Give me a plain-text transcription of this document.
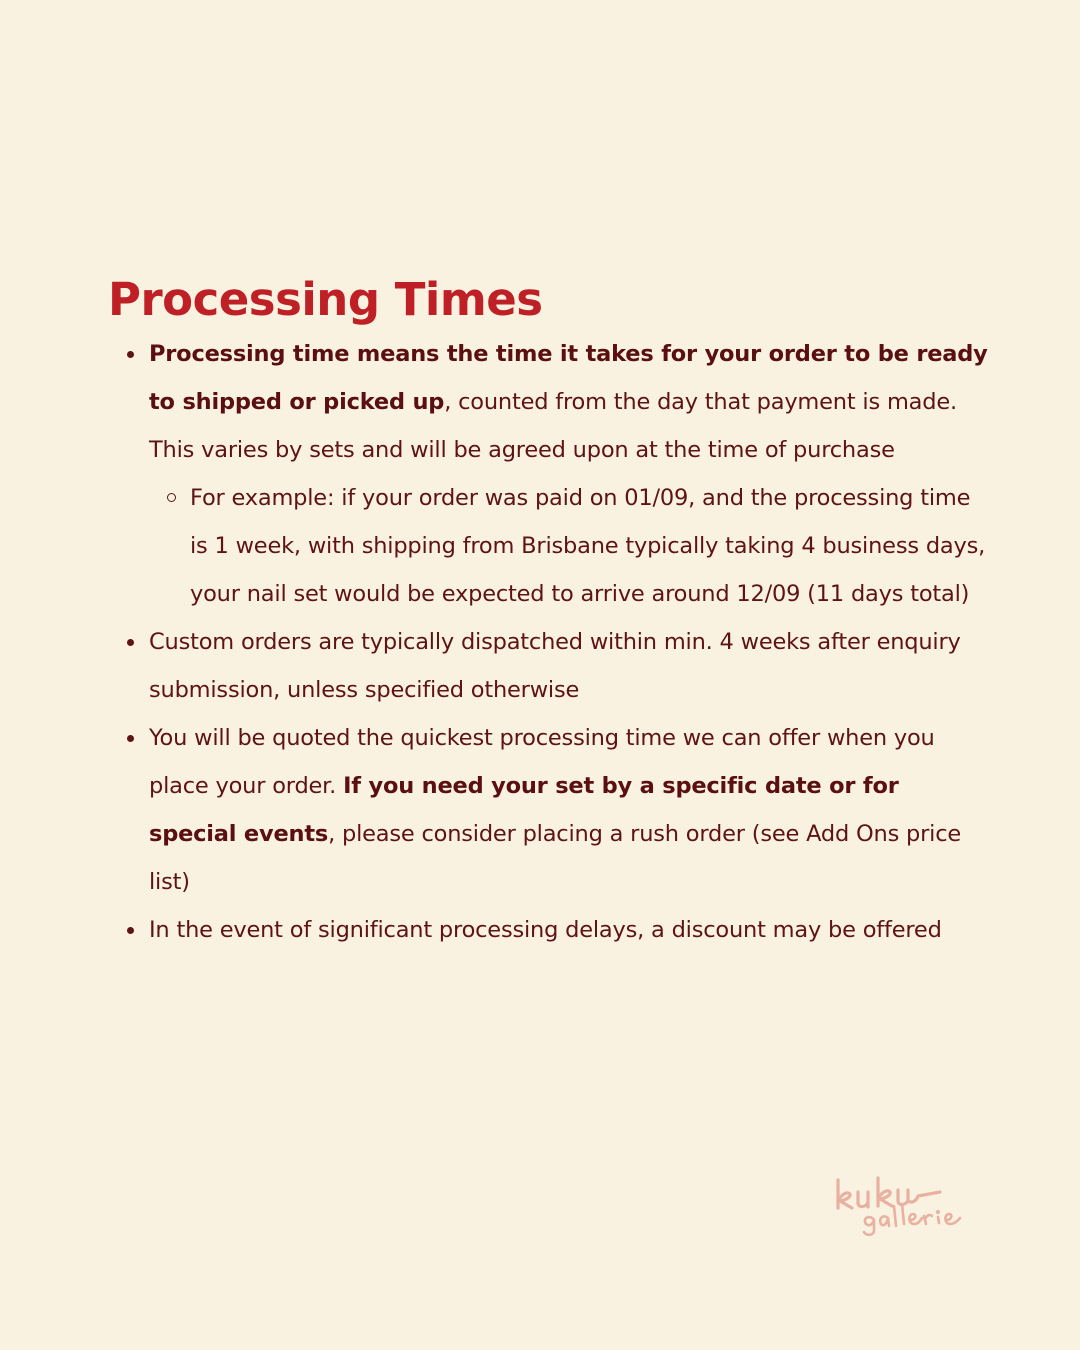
Processing Times
Processing time means the time it takes for your order to be ready to shipped or picked up, counted from the day that payment is made. This varies by sets and will be agreed upon at the time of purchase
For example: if your order was paid on 01/09, and the processing time is 1 week, with shipping from Brisbane typically taking 4 business days, your nail set would be expected to arrive around 12/09 (11 days total)
Custom orders are typically dispatched within min. 4 weeks after enquiry submission, unless specified otherwise
You will be quoted the quickest processing time we can offer when you place your order. If you need your set by a specific date or for special events, please consider placing a rush order (see Add Ons price list)
In the event of significant processing delays, a discount may be offered
